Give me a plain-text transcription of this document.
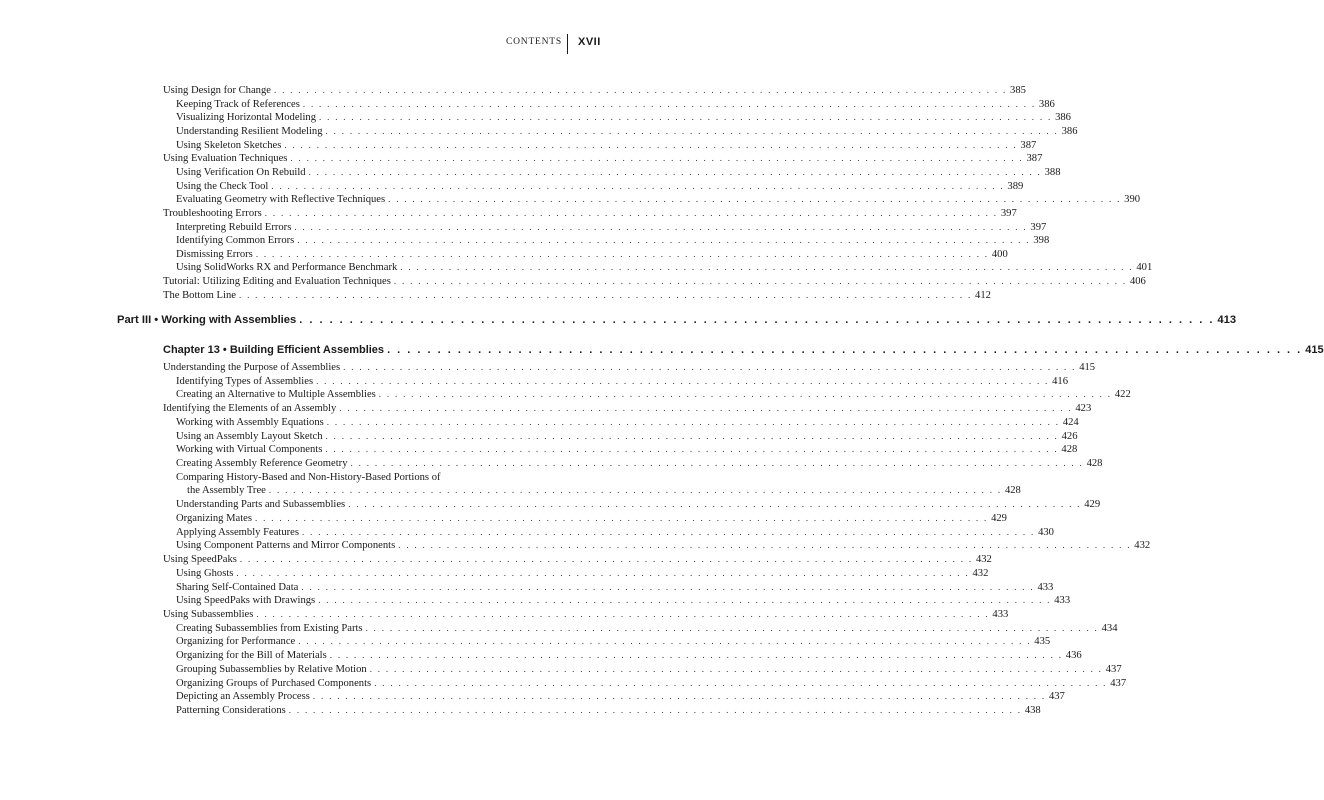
CONTENTS XVII
Using Design for Change . . . . . . . . . . . . . . . . . . . . . . . . . . . . . . . . . . . . . . . . . . . . . . . . . . . . . . . . . . . . . . . . . . . . . . . . . . . . . . . . . . . . . . . . . . . 385
Keeping Track of References . . . . . . . . . . . . . . . . . . . . . . . . . . . . . . . . . . . . . . . . . . . . . . . . . . . . . . . . . . . . . . . . . . . . . . . . . . . . . . . . . . . . . . . . . . . 386
Visualizing Horizontal Modeling . . . . . . . . . . . . . . . . . . . . . . . . . . . . . . . . . . . . . . . . . . . . . . . . . . . . . . . . . . . . . . . . . . . . . . . . . . . . . . . . . . . . . . . . . . . 386
Understanding Resilient Modeling . . . . . . . . . . . . . . . . . . . . . . . . . . . . . . . . . . . . . . . . . . . . . . . . . . . . . . . . . . . . . . . . . . . . . . . . . . . . . . . . . . . . . . . . . . . 386
Using Skeleton Sketches . . . . . . . . . . . . . . . . . . . . . . . . . . . . . . . . . . . . . . . . . . . . . . . . . . . . . . . . . . . . . . . . . . . . . . . . . . . . . . . . . . . . . . . . . . . 387
Using Evaluation Techniques . . . . . . . . . . . . . . . . . . . . . . . . . . . . . . . . . . . . . . . . . . . . . . . . . . . . . . . . . . . . . . . . . . . . . . . . . . . . . . . . . . . . . . . . . . . 387
Using Verification On Rebuild . . . . . . . . . . . . . . . . . . . . . . . . . . . . . . . . . . . . . . . . . . . . . . . . . . . . . . . . . . . . . . . . . . . . . . . . . . . . . . . . . . . . . . . . . . . 388
Using the Check Tool . . . . . . . . . . . . . . . . . . . . . . . . . . . . . . . . . . . . . . . . . . . . . . . . . . . . . . . . . . . . . . . . . . . . . . . . . . . . . . . . . . . . . . . . . . . 389
Evaluating Geometry with Reflective Techniques . . . . . . . . . . . . . . . . . . . . . . . . . . . . . . . . . . . . . . . . . . . . . . . . . . . . . . . . . . . . . . . . . . . . . . . . . . . . . . . . . . . . . . . . . . . 390
Troubleshooting Errors . . . . . . . . . . . . . . . . . . . . . . . . . . . . . . . . . . . . . . . . . . . . . . . . . . . . . . . . . . . . . . . . . . . . . . . . . . . . . . . . . . . . . . . . . . . 397
Interpreting Rebuild Errors . . . . . . . . . . . . . . . . . . . . . . . . . . . . . . . . . . . . . . . . . . . . . . . . . . . . . . . . . . . . . . . . . . . . . . . . . . . . . . . . . . . . . . . . . . . 397
Identifying Common Errors . . . . . . . . . . . . . . . . . . . . . . . . . . . . . . . . . . . . . . . . . . . . . . . . . . . . . . . . . . . . . . . . . . . . . . . . . . . . . . . . . . . . . . . . . . . 398
Dismissing Errors . . . . . . . . . . . . . . . . . . . . . . . . . . . . . . . . . . . . . . . . . . . . . . . . . . . . . . . . . . . . . . . . . . . . . . . . . . . . . . . . . . . . . . . . . . . 400
Using SolidWorks RX and Performance Benchmark . . . . . . . . . . . . . . . . . . . . . . . . . . . . . . . . . . . . . . . . . . . . . . . . . . . . . . . . . . . . . . . . . . . . . . . . . . . . . . . . . . . . . . . . . . . 401
Tutorial: Utilizing Editing and Evaluation Techniques . . . . . . . . . . . . . . . . . . . . . . . . . . . . . . . . . . . . . . . . . . . . . . . . . . . . . . . . . . . . . . . . . . . . . . . . . . . . . . . . . . . . . . . . . . . 406
The Bottom Line . . . . . . . . . . . . . . . . . . . . . . . . . . . . . . . . . . . . . . . . . . . . . . . . . . . . . . . . . . . . . . . . . . . . . . . . . . . . . . . . . . . . . . . . . . . 412
Part III • Working with Assemblies . . . . . . . . . . . . . . . . . . . . . . . . . . . . . . . . . . . . . . . . . . . . . . . . . . . . . . . . . . . . . . . . . . . . . . . . . . . . . . . . . . . . . . . . . . . 413
Chapter 13 • Building Efficient Assemblies . . . . . . . . . . . . . . . . . . . . . . . . . . . . . . . . . . . . . . . . . . . . . . . . . . . . . . . . . . . . . . . . . . . . . . . . . . . . . . . . . . . . . . . . . . . 415
Understanding the Purpose of Assemblies . . . . . . . . . . . . . . . . . . . . . . . . . . . . . . . . . . . . . . . . . . . . . . . . . . . . . . . . . . . . . . . . . . . . . . . . . . . . . . . . . . . . . . . . . . . 415
Identifying Types of Assemblies . . . . . . . . . . . . . . . . . . . . . . . . . . . . . . . . . . . . . . . . . . . . . . . . . . . . . . . . . . . . . . . . . . . . . . . . . . . . . . . . . . . . . . . . . . . 416
Creating an Alternative to Multiple Assemblies . . . . . . . . . . . . . . . . . . . . . . . . . . . . . . . . . . . . . . . . . . . . . . . . . . . . . . . . . . . . . . . . . . . . . . . . . . . . . . . . . . . . . . . . . . . 422
Identifying the Elements of an Assembly . . . . . . . . . . . . . . . . . . . . . . . . . . . . . . . . . . . . . . . . . . . . . . . . . . . . . . . . . . . . . . . . . . . . . . . . . . . . . . . . . . . . . . . . . . . 423
Working with Assembly Equations . . . . . . . . . . . . . . . . . . . . . . . . . . . . . . . . . . . . . . . . . . . . . . . . . . . . . . . . . . . . . . . . . . . . . . . . . . . . . . . . . . . . . . . . . . . 424
Using an Assembly Layout Sketch . . . . . . . . . . . . . . . . . . . . . . . . . . . . . . . . . . . . . . . . . . . . . . . . . . . . . . . . . . . . . . . . . . . . . . . . . . . . . . . . . . . . . . . . . . . 426
Working with Virtual Components . . . . . . . . . . . . . . . . . . . . . . . . . . . . . . . . . . . . . . . . . . . . . . . . . . . . . . . . . . . . . . . . . . . . . . . . . . . . . . . . . . . . . . . . . . . 428
Creating Assembly Reference Geometry . . . . . . . . . . . . . . . . . . . . . . . . . . . . . . . . . . . . . . . . . . . . . . . . . . . . . . . . . . . . . . . . . . . . . . . . . . . . . . . . . . . . . . . . . . . 428
Comparing History-Based and Non-History-Based Portions of
the Assembly Tree . . . . . . . . . . . . . . . . . . . . . . . . . . . . . . . . . . . . . . . . . . . . . . . . . . . . . . . . . . . . . . . . . . . . . . . . . . . . . . . . . . . . . . . . . . . 428
Understanding Parts and Subassemblies . . . . . . . . . . . . . . . . . . . . . . . . . . . . . . . . . . . . . . . . . . . . . . . . . . . . . . . . . . . . . . . . . . . . . . . . . . . . . . . . . . . . . . . . . . . 429
Organizing Mates . . . . . . . . . . . . . . . . . . . . . . . . . . . . . . . . . . . . . . . . . . . . . . . . . . . . . . . . . . . . . . . . . . . . . . . . . . . . . . . . . . . . . . . . . . . 429
Applying Assembly Features . . . . . . . . . . . . . . . . . . . . . . . . . . . . . . . . . . . . . . . . . . . . . . . . . . . . . . . . . . . . . . . . . . . . . . . . . . . . . . . . . . . . . . . . . . . 430
Using Component Patterns and Mirror Components . . . . . . . . . . . . . . . . . . . . . . . . . . . . . . . . . . . . . . . . . . . . . . . . . . . . . . . . . . . . . . . . . . . . . . . . . . . . . . . . . . . . . . . . . . . 432
Using SpeedPaks . . . . . . . . . . . . . . . . . . . . . . . . . . . . . . . . . . . . . . . . . . . . . . . . . . . . . . . . . . . . . . . . . . . . . . . . . . . . . . . . . . . . . . . . . . . 432
Using Ghosts . . . . . . . . . . . . . . . . . . . . . . . . . . . . . . . . . . . . . . . . . . . . . . . . . . . . . . . . . . . . . . . . . . . . . . . . . . . . . . . . . . . . . . . . . . . 432
Sharing Self-Contained Data . . . . . . . . . . . . . . . . . . . . . . . . . . . . . . . . . . . . . . . . . . . . . . . . . . . . . . . . . . . . . . . . . . . . . . . . . . . . . . . . . . . . . . . . . . . 433
Using SpeedPaks with Drawings . . . . . . . . . . . . . . . . . . . . . . . . . . . . . . . . . . . . . . . . . . . . . . . . . . . . . . . . . . . . . . . . . . . . . . . . . . . . . . . . . . . . . . . . . . . 433
Using Subassemblies . . . . . . . . . . . . . . . . . . . . . . . . . . . . . . . . . . . . . . . . . . . . . . . . . . . . . . . . . . . . . . . . . . . . . . . . . . . . . . . . . . . . . . . . . . . 433
Creating Subassemblies from Existing Parts . . . . . . . . . . . . . . . . . . . . . . . . . . . . . . . . . . . . . . . . . . . . . . . . . . . . . . . . . . . . . . . . . . . . . . . . . . . . . . . . . . . . . . . . . . . 434
Organizing for Performance . . . . . . . . . . . . . . . . . . . . . . . . . . . . . . . . . . . . . . . . . . . . . . . . . . . . . . . . . . . . . . . . . . . . . . . . . . . . . . . . . . . . . . . . . . . 435
Organizing for the Bill of Materials . . . . . . . . . . . . . . . . . . . . . . . . . . . . . . . . . . . . . . . . . . . . . . . . . . . . . . . . . . . . . . . . . . . . . . . . . . . . . . . . . . . . . . . . . . . 436
Grouping Subassemblies by Relative Motion . . . . . . . . . . . . . . . . . . . . . . . . . . . . . . . . . . . . . . . . . . . . . . . . . . . . . . . . . . . . . . . . . . . . . . . . . . . . . . . . . . . . . . . . . . . 437
Organizing Groups of Purchased Components . . . . . . . . . . . . . . . . . . . . . . . . . . . . . . . . . . . . . . . . . . . . . . . . . . . . . . . . . . . . . . . . . . . . . . . . . . . . . . . . . . . . . . . . . . . 437
Depicting an Assembly Process . . . . . . . . . . . . . . . . . . . . . . . . . . . . . . . . . . . . . . . . . . . . . . . . . . . . . . . . . . . . . . . . . . . . . . . . . . . . . . . . . . . . . . . . . . . 437
Patterning Considerations . . . . . . . . . . . . . . . . . . . . . . . . . . . . . . . . . . . . . . . . . . . . . . . . . . . . . . . . . . . . . . . . . . . . . . . . . . . . . . . . . . . . . . . . . . . 438
